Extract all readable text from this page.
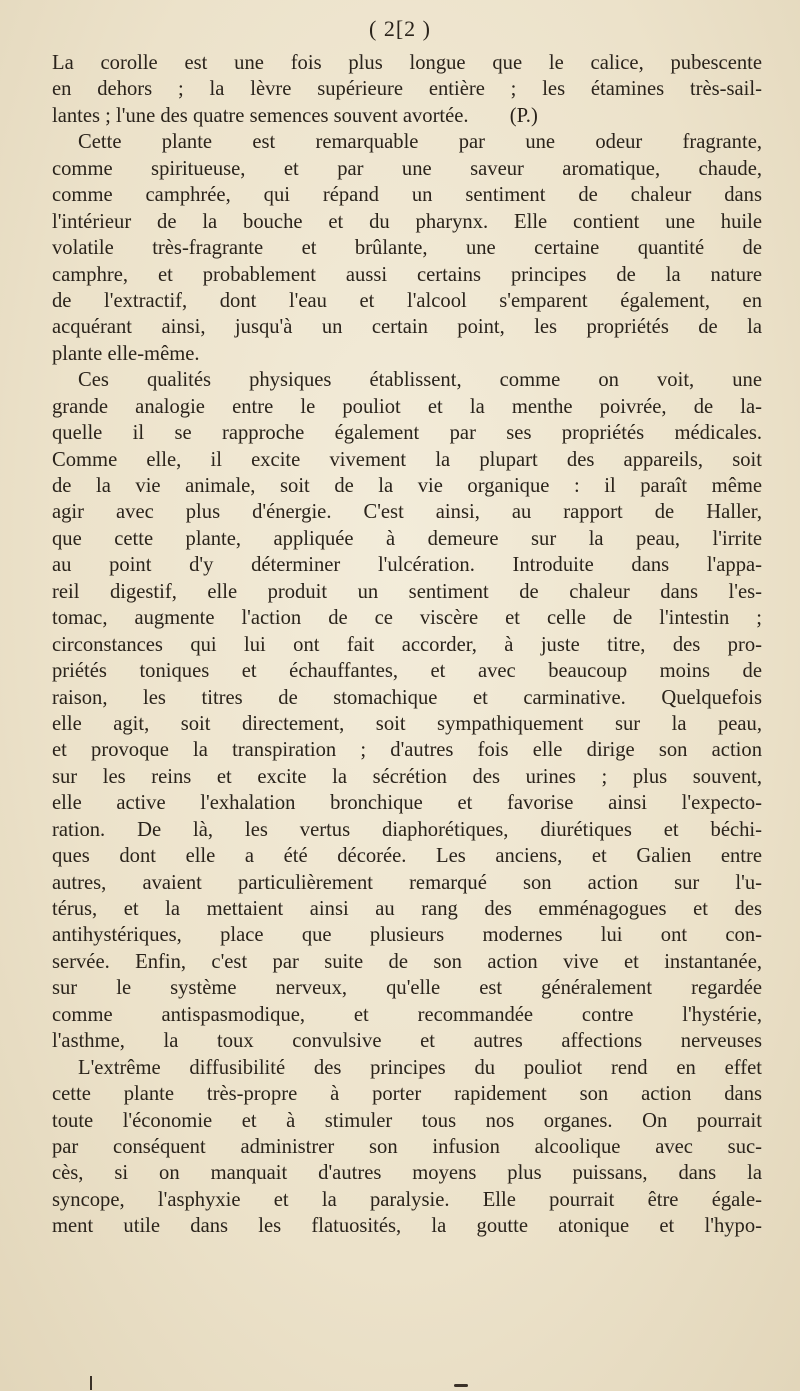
( 2[2 )
La corolle est une fois plus longue que le calice, pubescente
en dehors ; la lèvre supérieure entière ; les étamines très-sail-
lantes ; l'une des quatre semences souvent avortée.        (P.)
Cette plante est remarquable par une odeur fragrante,
comme spiritueuse, et par une saveur aromatique, chaude,
comme camphrée, qui répand un sentiment de chaleur dans
l'intérieur de la bouche et du pharynx. Elle contient une huile
volatile très-fragrante et brûlante, une certaine quantité de
camphre, et probablement aussi certains principes de la nature
de l'extractif, dont l'eau et l'alcool s'emparent également, en
acquérant ainsi, jusqu'à un certain point, les propriétés de la
plante elle-même.
Ces qualités physiques établissent, comme on voit, une
grande analogie entre le pouliot et la menthe poivrée, de la-
quelle il se rapproche également par ses propriétés médicales.
Comme elle, il excite vivement la plupart des appareils, soit
de la vie animale, soit de la vie organique : il paraît même
agir avec plus d'énergie. C'est ainsi, au rapport de Haller,
que cette plante, appliquée à demeure sur la peau, l'irrite
au point d'y déterminer l'ulcération. Introduite dans l'appa-
reil digestif, elle produit un sentiment de chaleur dans l'es-
tomac, augmente l'action de ce viscère et celle de l'intestin ;
circonstances qui lui ont fait accorder, à juste titre, des pro-
priétés toniques et échauffantes, et avec beaucoup moins de
raison, les titres de stomachique et carminative. Quelquefois
elle agit, soit directement, soit sympathiquement sur la peau,
et provoque la transpiration ; d'autres fois elle dirige son action
sur les reins et excite la sécrétion des urines ; plus souvent,
elle active l'exhalation bronchique et favorise ainsi l'expecto-
ration. De là, les vertus diaphorétiques, diurétiques et béchi-
ques dont elle a été décorée. Les anciens, et Galien entre
autres, avaient particulièrement remarqué son action sur l'u-
térus, et la mettaient ainsi au rang des emménagogues et des
antihystériques, place que plusieurs modernes lui ont con-
servée. Enfin, c'est par suite de son action vive et instantanée,
sur le système nerveux, qu'elle est généralement regardée
comme antispasmodique, et recommandée contre l'hystérie,
l'asthme, la toux convulsive et autres affections nerveuses
L'extrême diffusibilité des principes du pouliot rend en effet
cette plante très-propre à porter rapidement son action dans
toute l'économie et à stimuler tous nos organes. On pourrait
par conséquent administrer son infusion alcoolique avec suc-
cès, si on manquait d'autres moyens plus puissans, dans la
syncope, l'asphyxie et la paralysie. Elle pourrait être égale-
ment utile dans les flatuosités, la goutte atonique et l'hypo-
